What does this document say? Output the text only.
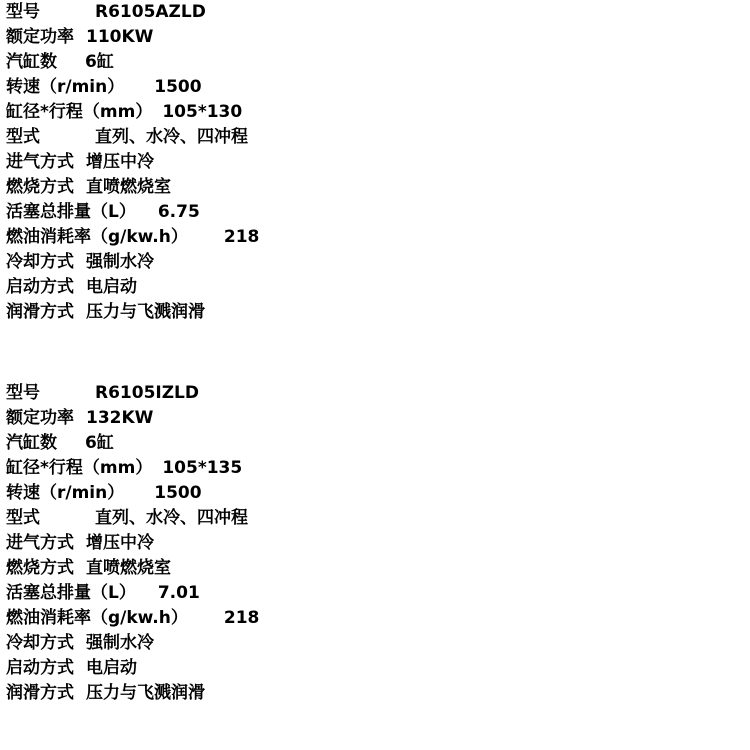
型号	R6105AZLD
额定功率 110KW
汽缸数 6缸
转速（r/min） 1500
缸径*行程（mm） 105*130
型式	直列、水冷、四冲程
进气方式 增压中冷
燃烧方式 直喷燃烧室
活塞总排量（L） 6.75
燃油消耗率（g/kw.h） 218
冷却方式 强制水冷
启动方式 电启动
润滑方式 压力与飞溅润滑
型号	R6105IZLD
额定功率 132KW
汽缸数 6缸
缸径*行程（mm） 105*135
转速（r/min） 1500
型式	直列、水冷、四冲程
进气方式 增压中冷
燃烧方式 直喷燃烧室
活塞总排量（L） 7.01
燃油消耗率（g/kw.h） 218
冷却方式 强制水冷
启动方式 电启动
润滑方式 压力与飞溅润滑
